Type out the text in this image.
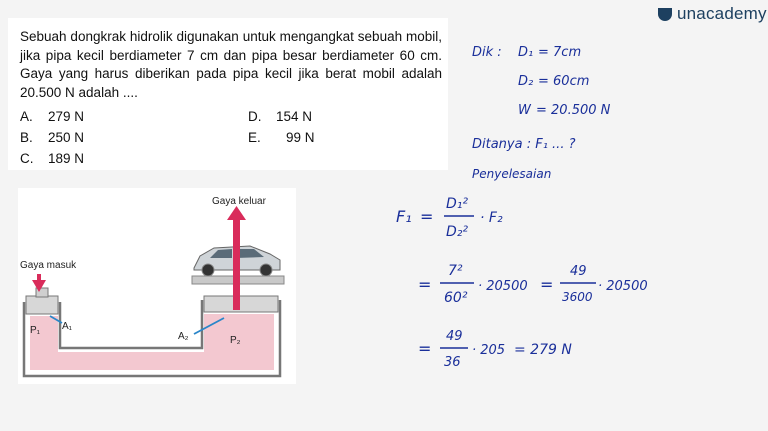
unacademy
Sebuah dongkrak hidrolik digunakan untuk mengangkat sebuah mobil, jika pipa kecil berdiameter 7 cm dan pipa besar berdiameter 60 cm. Gaya yang harus diberikan pada pipa kecil jika berat mobil adalah 20.500 N adalah ....
A. 279 N
B. 250 N
C. 189 N
D. 154 N
E. 99 N
Gaya keluar
Gaya masuk
P₁ A₁
A₂	P₂
Dik : D₁ = 7cm
D₂ = 60cm
W = 20.500 N
Ditanya : F₁ ... ?
Penyelesaian
F₁ =
D₁²
D₂²
· F₂
=
7²
60²
· 20500 =
49
3600
· 20500
=
49
36
· 205 = 279 N
